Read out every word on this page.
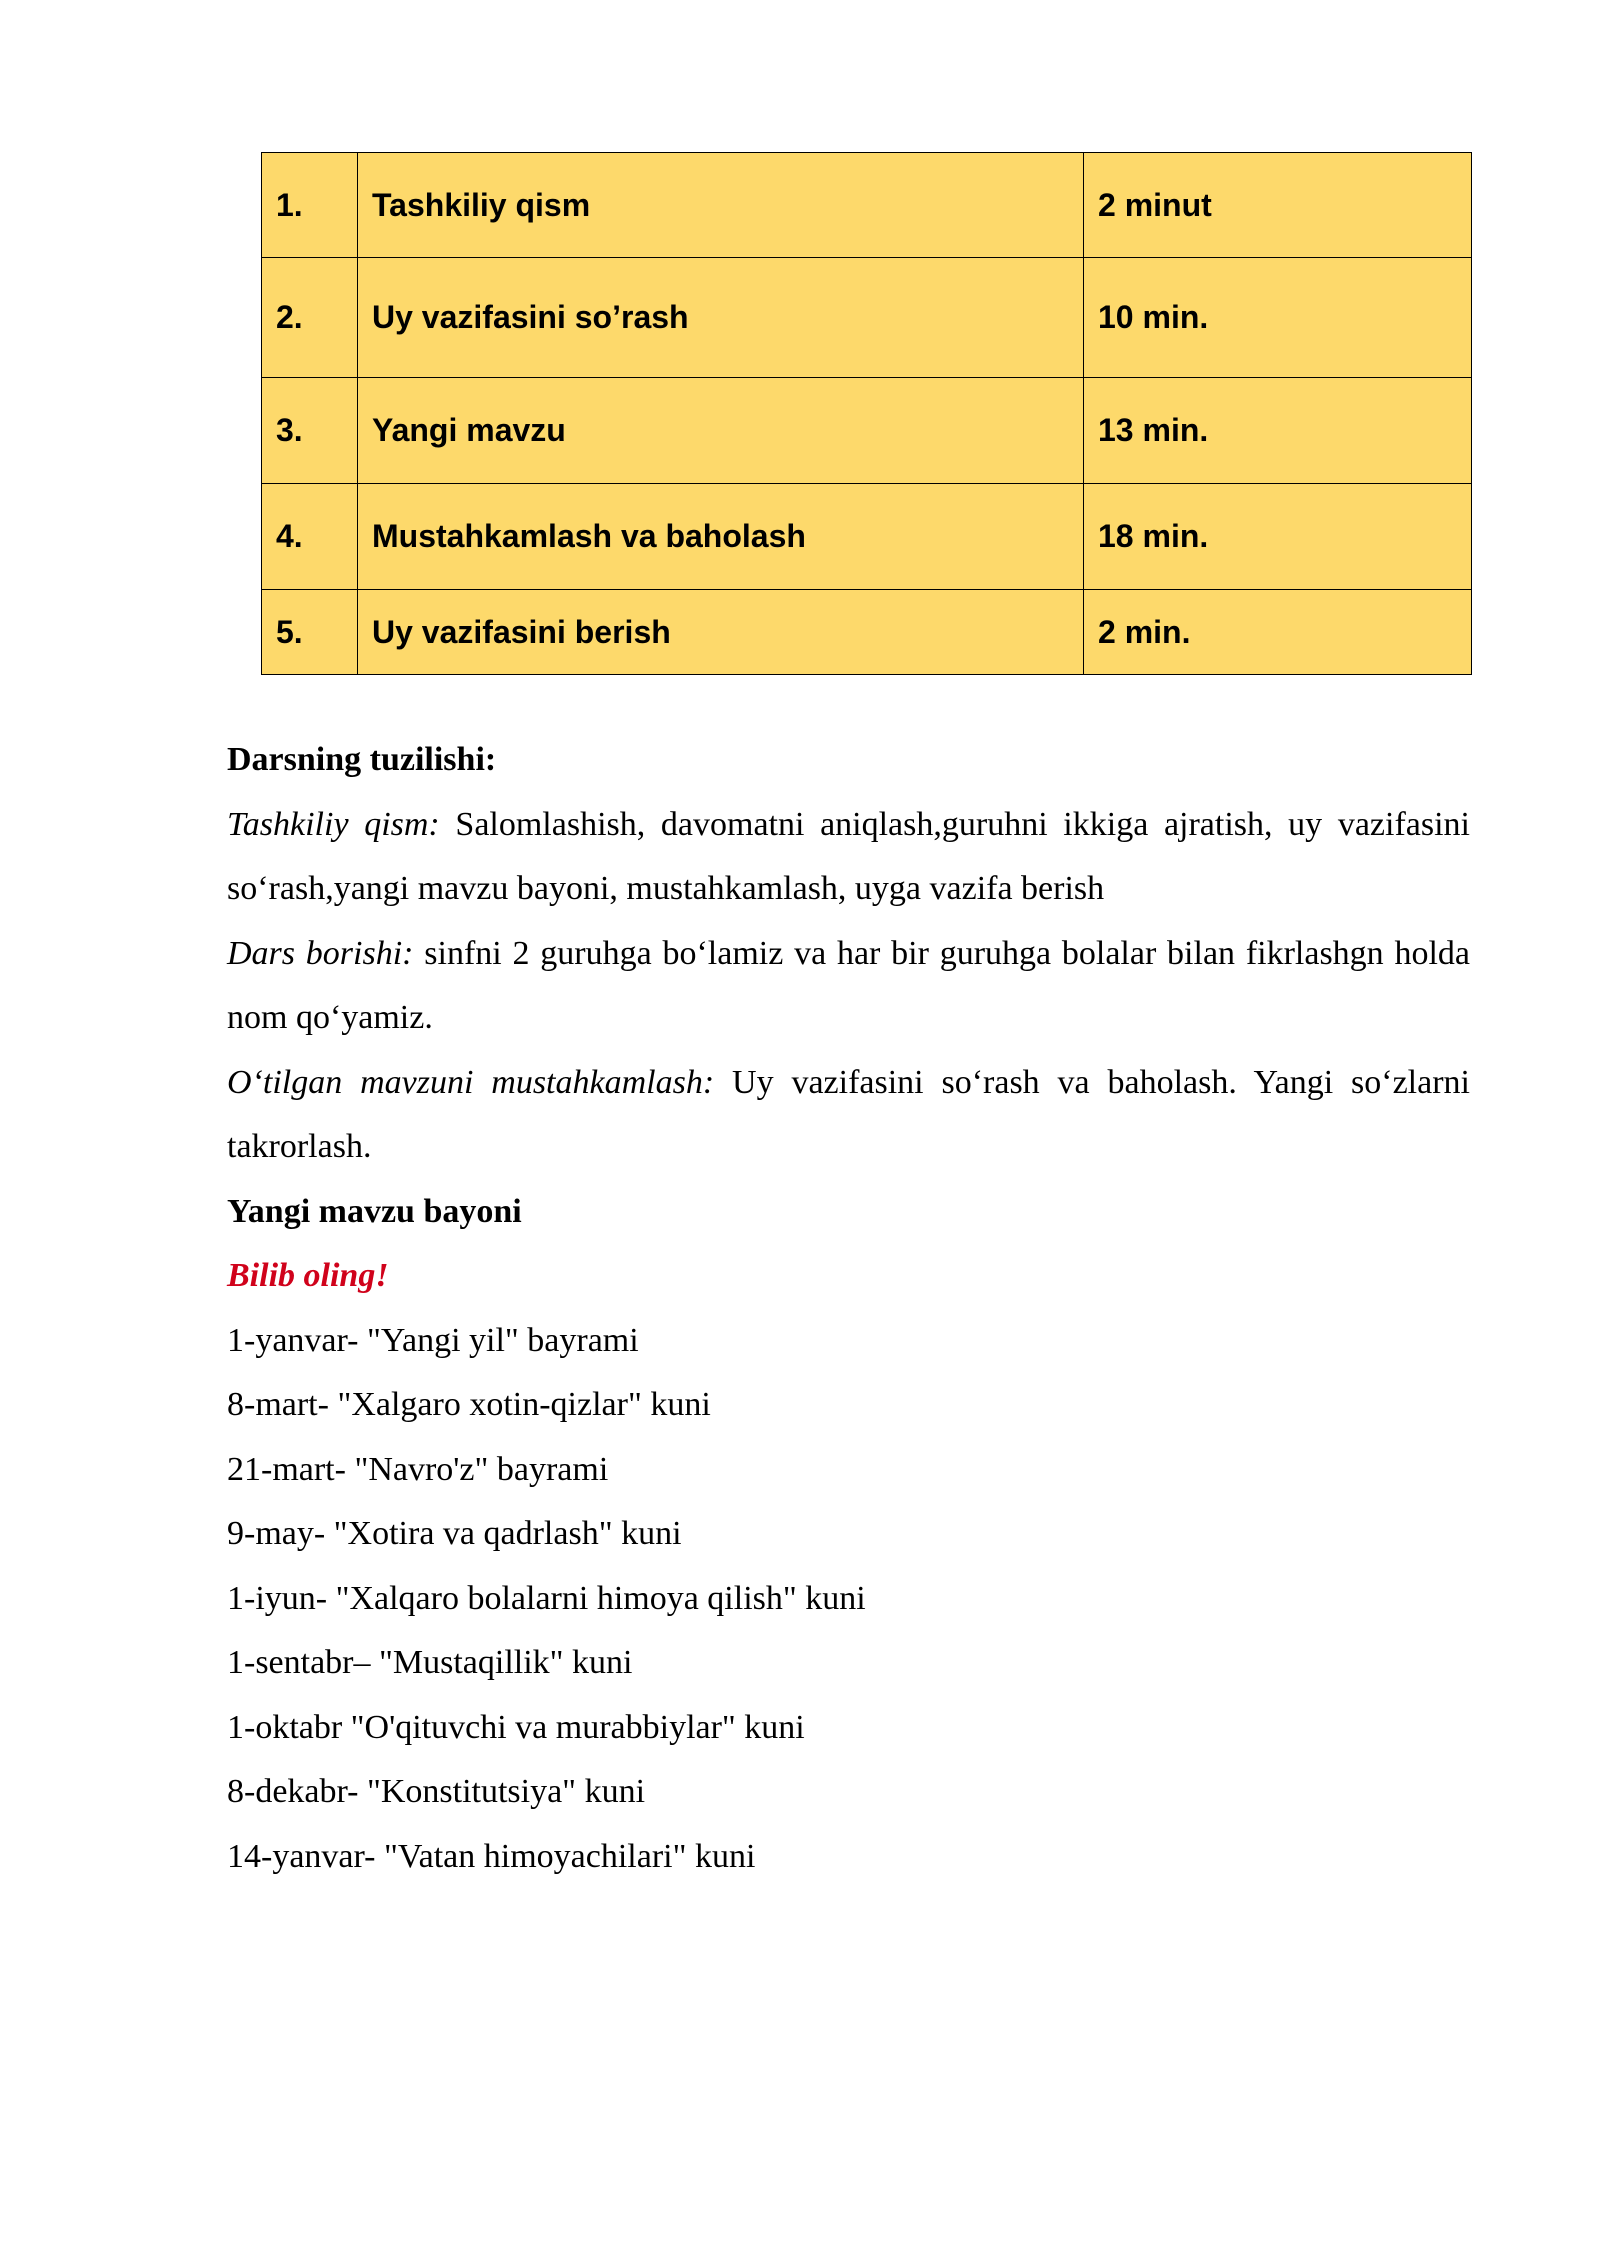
1.	Tashkiliy qism	2 minut
2.	Uy vazifasini so’rash	10 min.
3.	Yangi mavzu	13 min.
4.	Mustahkamlash va baholash	18 min.
5.	Uy vazifasini berish	2 min.

Darsning tuzilishi:

Tashkiliy qism: Salomlashish, davomatni aniqlash,guruhni ikkiga ajratish, uy vazifasini so‘rash,yangi mavzu bayoni, mustahkamlash, uyga vazifa berish

Dars borishi: sinfni 2 guruhga bo‘lamiz va har bir guruhga bolalar bilan fikrlashgn holda nom qo‘yamiz.

O‘tilgan mavzuni mustahkamlash: Uy vazifasini so‘rash va baholash. Yangi so‘zlarni takrorlash.

Yangi mavzu bayoni

Bilib oling!

1-yanvar- "Yangi yil" bayrami

8-mart- "Xalgaro xotin-qizlar" kuni

21-mart- "Navro'z" bayrami

9-may- "Xotira va qadrlash" kuni

1-iyun- "Xalqaro bolalarni himoya qilish" kuni

1-sentabr– "Mustaqillik" kuni

1-oktabr "O'qituvchi va murabbiylar" kuni

8-dekabr- "Konstitutsiya" kuni

14-yanvar- "Vatan himoyachilari" kuni
